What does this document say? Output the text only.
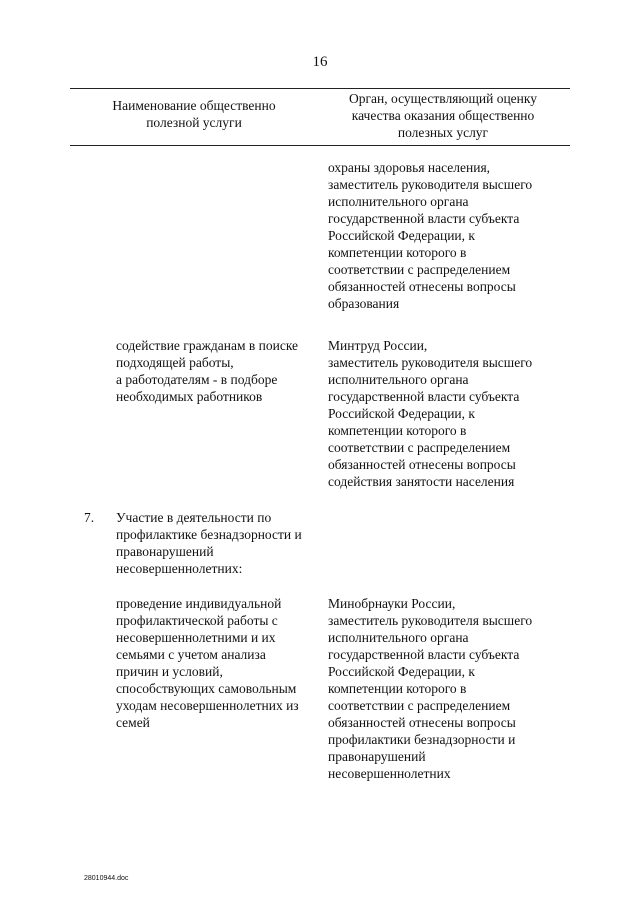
16
Наименование общественно
полезной услуги
Орган, осуществляющий оценку
качества оказания общественно
полезных услуг
охраны здоровья населения,
заместитель руководителя высшего
исполнительного органа
государственной власти субъекта
Российской Федерации, к
компетенции которого в
соответствии с распределением
обязанностей отнесены вопросы
образования
содействие гражданам в поиске
подходящей работы,
а работодателям - в подборе
необходимых работников
Минтруд России,
заместитель руководителя высшего
исполнительного органа
государственной власти субъекта
Российской Федерации, к
компетенции которого в
соответствии с распределением
обязанностей отнесены вопросы
содействия занятости населения
7. Участие в деятельности по
профилактике безнадзорности и
правонарушений
несовершеннолетних:
проведение индивидуальной
профилактической работы с
несовершеннолетними и их
семьями с учетом анализа
причин и условий,
способствующих самовольным
уходам несовершеннолетних из
семей
Минобрнауки России,
заместитель руководителя высшего
исполнительного органа
государственной власти субъекта
Российской Федерации, к
компетенции которого в
соответствии с распределением
обязанностей отнесены вопросы
профилактики безнадзорности и
правонарушений
несовершеннолетних
28010944.doc
